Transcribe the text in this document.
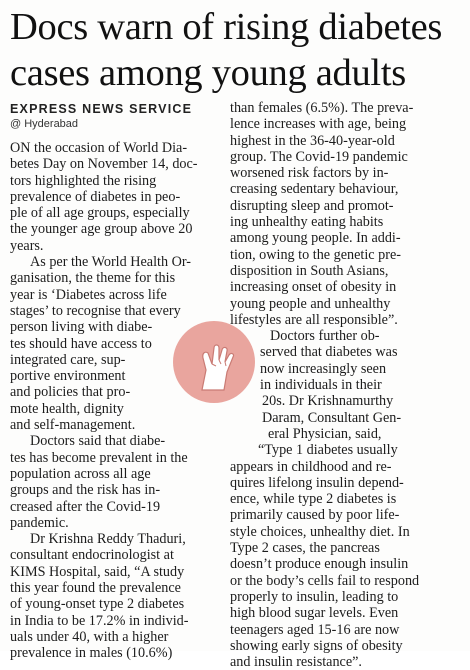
Docs warn of rising diabetes
cases among young adults
EXPRESS NEWS SERVICE
@ Hyderabad
ON the occasion of World Dia-
betes Day on November 14, doc-
tors highlighted the rising
prevalence of diabetes in peo-
ple of all age groups, especially
the younger age group above 20
years.
As per the World Health Or-
ganisation, the theme for this
year is ‘Diabetes across life
stages’ to recognise that every
person living with diabe-
tes should have access to
integrated care, sup-
portive environment
and policies that pro-
mote health, dignity
and self-management.
Doctors said that diabe-
tes has become prevalent in the
population across all age
groups and the risk has in-
creased after the Covid-19
pandemic.
Dr Krishna Reddy Thaduri,
consultant endocrinologist at
KIMS Hospital, said, “A study
this year found the prevalence
of young-onset type 2 diabetes
in India to be 17.2% in individ-
uals under 40, with a higher
prevalence in males (10.6%)
than females (6.5%). The preva-
lence increases with age, being
highest in the 36-40-year-old
group. The Covid-19 pandemic
worsened risk factors by in-
creasing sedentary behaviour,
disrupting sleep and promot-
ing unhealthy eating habits
among young people. In addi-
tion, owing to the genetic pre-
disposition in South Asians,
increasing onset of obesity in
young people and unhealthy
lifestyles are all responsible”.
Doctors further ob-
served that diabetes was
now increasingly seen
in individuals in their
20s. Dr Krishnamurthy
Daram, Consultant Gen-
eral Physician, said,
“Type 1 diabetes usually
appears in childhood and re-
quires lifelong insulin depend-
ence, while type 2 diabetes is
primarily caused by poor life-
style choices, unhealthy diet. In
Type 2 cases, the pancreas
doesn’t produce enough insulin
or the body’s cells fail to respond
properly to insulin, leading to
high blood sugar levels. Even
teenagers aged 15-16 are now
showing early signs of obesity
and insulin resistance”.
